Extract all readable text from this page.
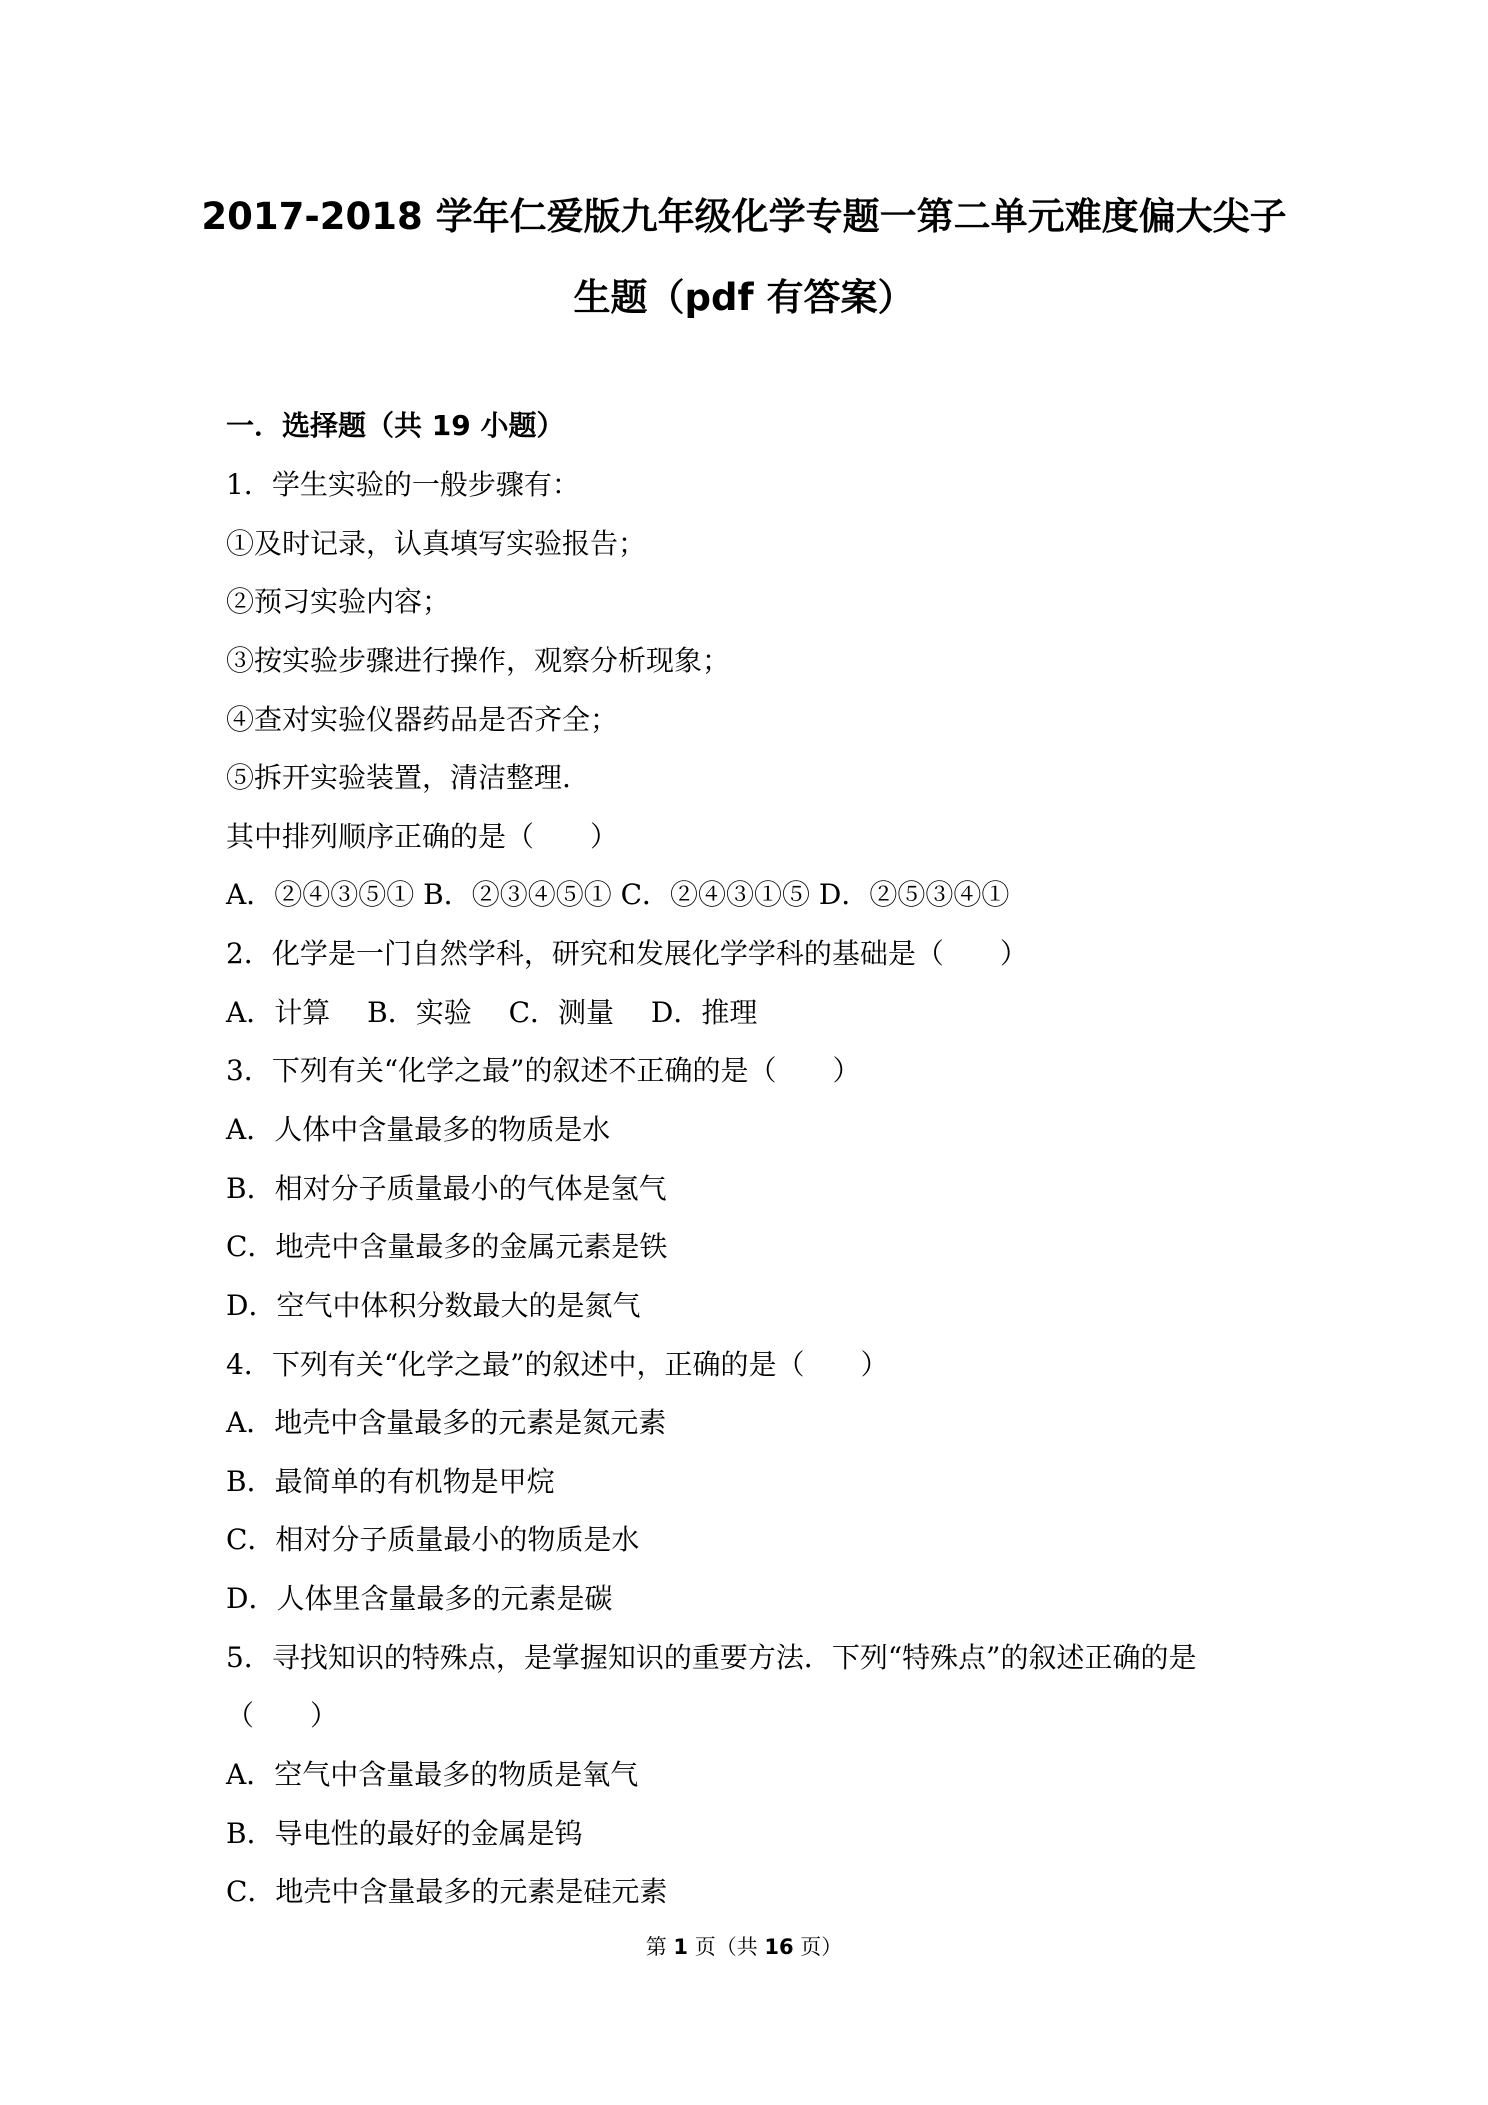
2017-2018 学年仁爱版九年级化学专题一第二单元难度偏大尖子
生题（pdf 有答案）
一．选择题（共 19 小题）
1．学生实验的一般步骤有：
①及时记录，认真填写实验报告；
②预习实验内容；
③按实验步骤进行操作，观察分析现象；
④查对实验仪器药品是否齐全；
⑤拆开实验装置，清洁整理.
其中排列顺序正确的是（　　）
A．②④③⑤① B．②③④⑤① C．②④③①⑤ D．②⑤③④①
2．化学是一门自然学科，研究和发展化学学科的基础是（　　）
A．计算　 B．实验　 C．测量　 D．推理
3．下列有关“化学之最”的叙述不正确的是（　　）
A．人体中含量最多的物质是水
B．相对分子质量最小的气体是氢气
C．地壳中含量最多的金属元素是铁
D．空气中体积分数最大的是氮气
4．下列有关“化学之最”的叙述中，正确的是（　　）
A．地壳中含量最多的元素是氮元素
B．最简单的有机物是甲烷
C．相对分子质量最小的物质是水
D．人体里含量最多的元素是碳
5．寻找知识的特殊点，是掌握知识的重要方法．下列“特殊点”的叙述正确的是
（　　）
A．空气中含量最多的物质是氧气
B．导电性的最好的金属是钨
C．地壳中含量最多的元素是硅元素
第 1 页（共 16 页）
